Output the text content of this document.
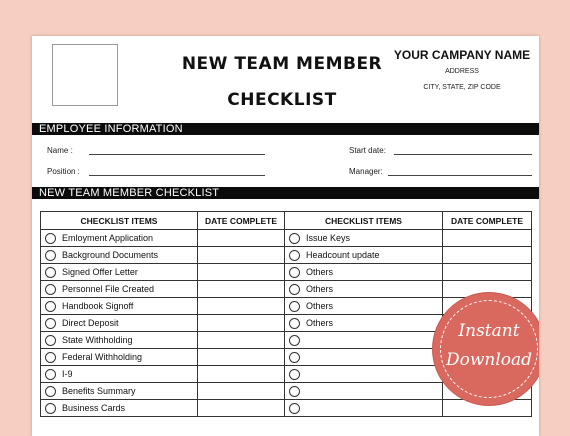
NEW TEAM MEMBER
CHECKLIST
YOUR CAMPANY NAME
ADDRESS
CITY, STATE, ZIP CODE
EMPLOYEE INFORMATION
Name :
Position :
Start date:
Manager:
NEW TEAM MEMBER CHECKLIST
CHECKLIST ITEMS	DATE COMPLETE	CHECKLIST ITEMS	DATE COMPLETE

Emloyment Application		Issue Keys	

Background Documents		Headcount update	

Signed Offer Letter		Others	

Personnel File Created		Others	

Handbook Signoff		Others	

Direct Deposit		Others	

State Withholding			

Federal Withholding			

I-9			

Benefits Summary			

Business Cards			

Instant
Download
